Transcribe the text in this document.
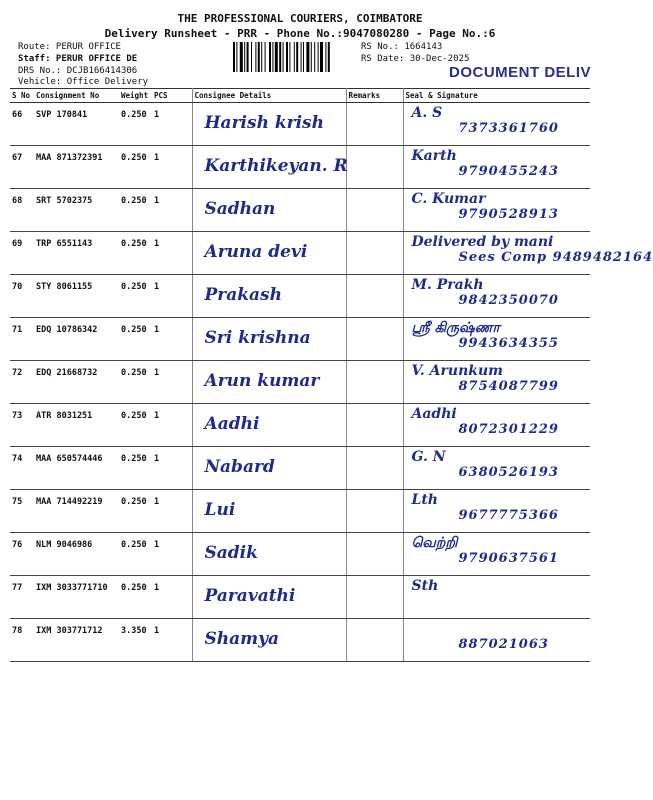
THE PROFESSIONAL COURIERS, COIMBATORE
Delivery Runsheet - PRR - Phone No.:9047080280 - Page No.:6
Route: PERUR OFFICE
Staff: PERUR OFFICE DE
DRS No.: DCJB166414306
Vehicle: Office Delivery
RS No.: 1664143
RS Date: 30-Dec-2025
DOCUMENT DELIV
S No	Consignment No	Weight	PCS	Consignee Details	Remarks	Seal & Signature
66	SVP 170841	0.250	1	Harish krish		A. S
7373361760

67	MAA 871372391	0.250	1	Karthikeyan. R		Karth
9790455243

68	SRT 5702375	0.250	1	Sadhan		C. Kumar
9790528913

69	TRP 6551143	0.250	1	Aruna devi		Delivered by mani
Sees Comp 9489482164

70	STY 8061155	0.250	1	Prakash		M. Prakh
9842350070

71	EDQ 10786342	0.250	1	Sri krishna		ஸ்ரீ கிருஷ்ணா
9943634355

72	EDQ 21668732	0.250	1	Arun kumar		V. Arunkum
8754087799

73	ATR 8031251	0.250	1	Aadhi		Aadhi
8072301229

74	MAA 650574446	0.250	1	Nabard		G. N
6380526193

75	MAA 714492219	0.250	1	Lui		Lth
9677775366

76	NLM 9046986	0.250	1	Sadik		வெற்றி
9790637561

77	IXM 3033771710	0.250	1	Paravathi		Sth

78	IXM 303771712	3.350	1	Shamya		887021063
